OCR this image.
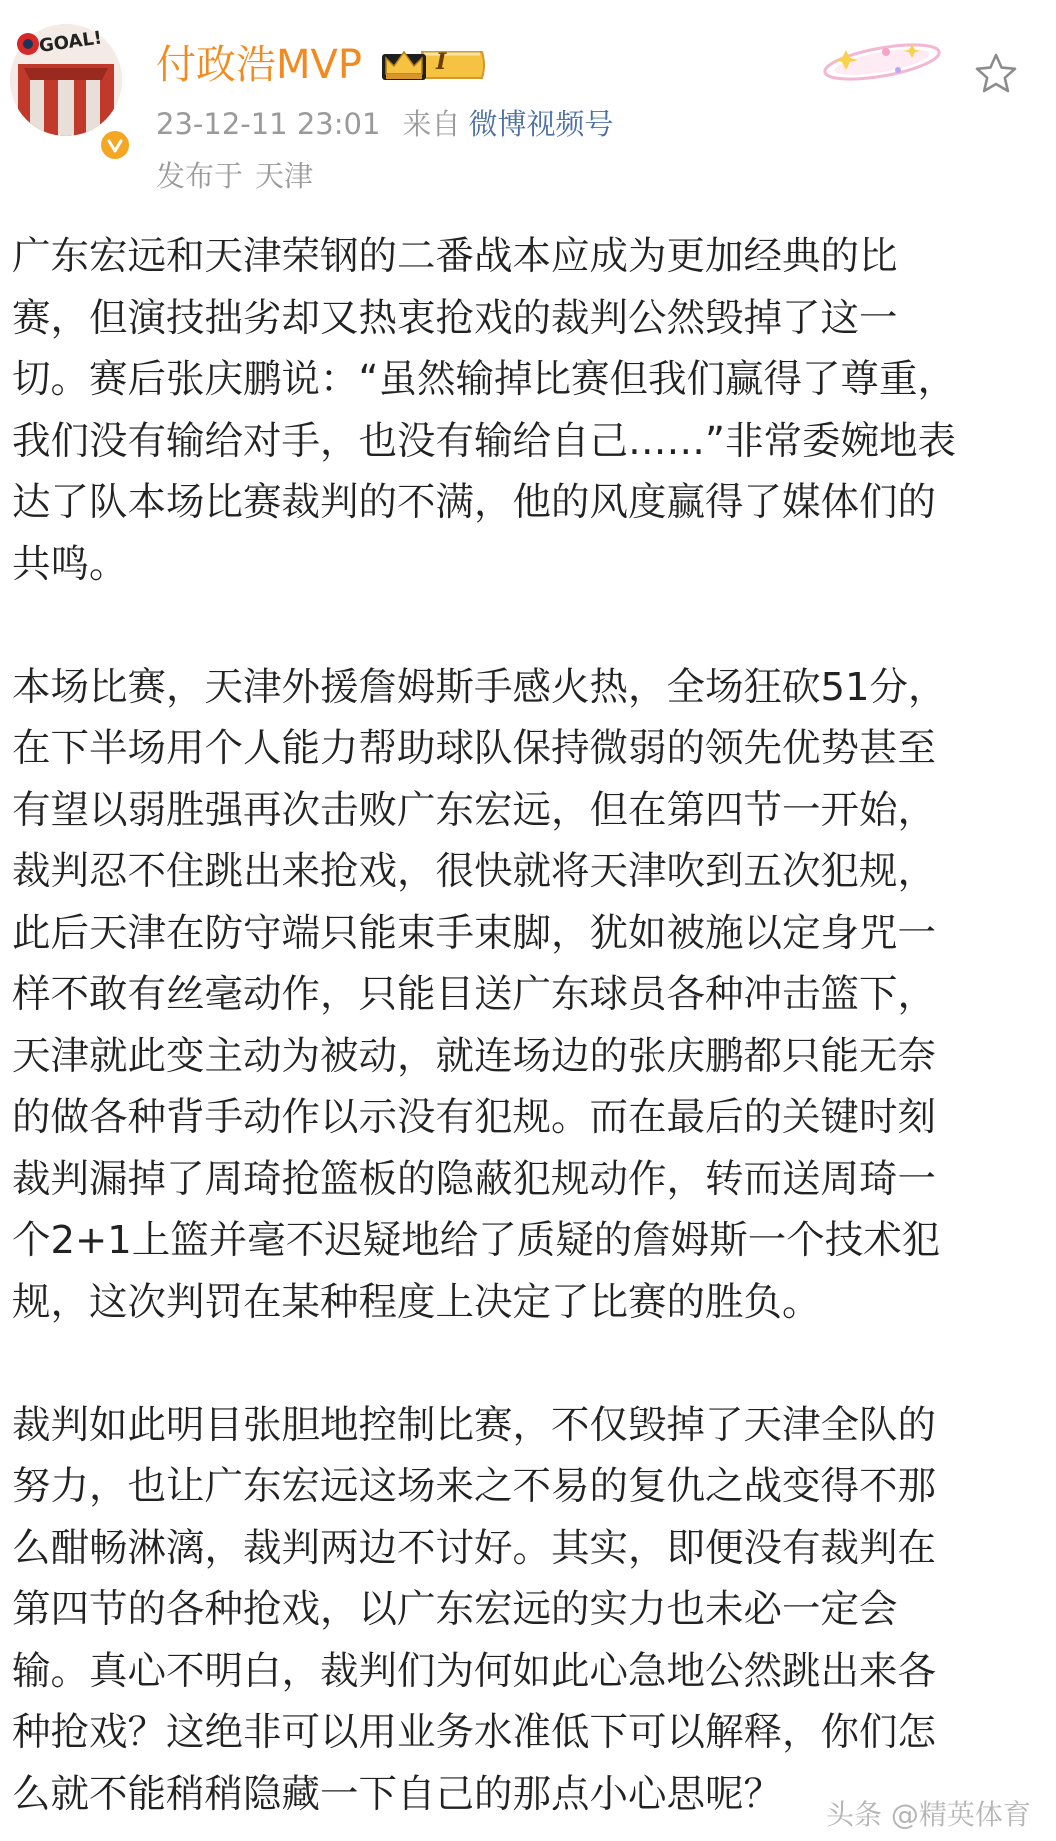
GOAL! 付政浩MVP	I
23-12-11 23:01 来自 微博视频号
发布于 天津
广东宏远和天津荣钢的二番战本应成为更加经典的比
赛，但演技拙劣却又热衷抢戏的裁判公然毁掉了这一
切。赛后张庆鹏说：“虽然输掉比赛但我们赢得了尊重，
我们没有输给对手，也没有输给自己……”非常委婉地表
达了队本场比赛裁判的不满，他的风度赢得了媒体们的
共鸣。
本场比赛，天津外援詹姆斯手感火热，全场狂砍51分，
在下半场用个人能力帮助球队保持微弱的领先优势甚至
有望以弱胜强再次击败广东宏远，但在第四节一开始，
裁判忍不住跳出来抢戏，很快就将天津吹到五次犯规，
此后天津在防守端只能束手束脚，犹如被施以定身咒一
样不敢有丝毫动作，只能目送广东球员各种冲击篮下，
天津就此变主动为被动，就连场边的张庆鹏都只能无奈
的做各种背手动作以示没有犯规。而在最后的关键时刻
裁判漏掉了周琦抢篮板的隐蔽犯规动作，转而送周琦一
个2+1上篮并毫不迟疑地给了质疑的詹姆斯一个技术犯
规，这次判罚在某种程度上决定了比赛的胜负。
裁判如此明目张胆地控制比赛，不仅毁掉了天津全队的
努力，也让广东宏远这场来之不易的复仇之战变得不那
么酣畅淋漓，裁判两边不讨好。其实，即便没有裁判在
第四节的各种抢戏，以广东宏远的实力也未必一定会
输。真心不明白，裁判们为何如此心急地公然跳出来各
种抢戏？这绝非可以用业务水准低下可以解释，你们怎
么就不能稍稍隐藏一下自己的那点小心思呢？	头条 @精英体育
